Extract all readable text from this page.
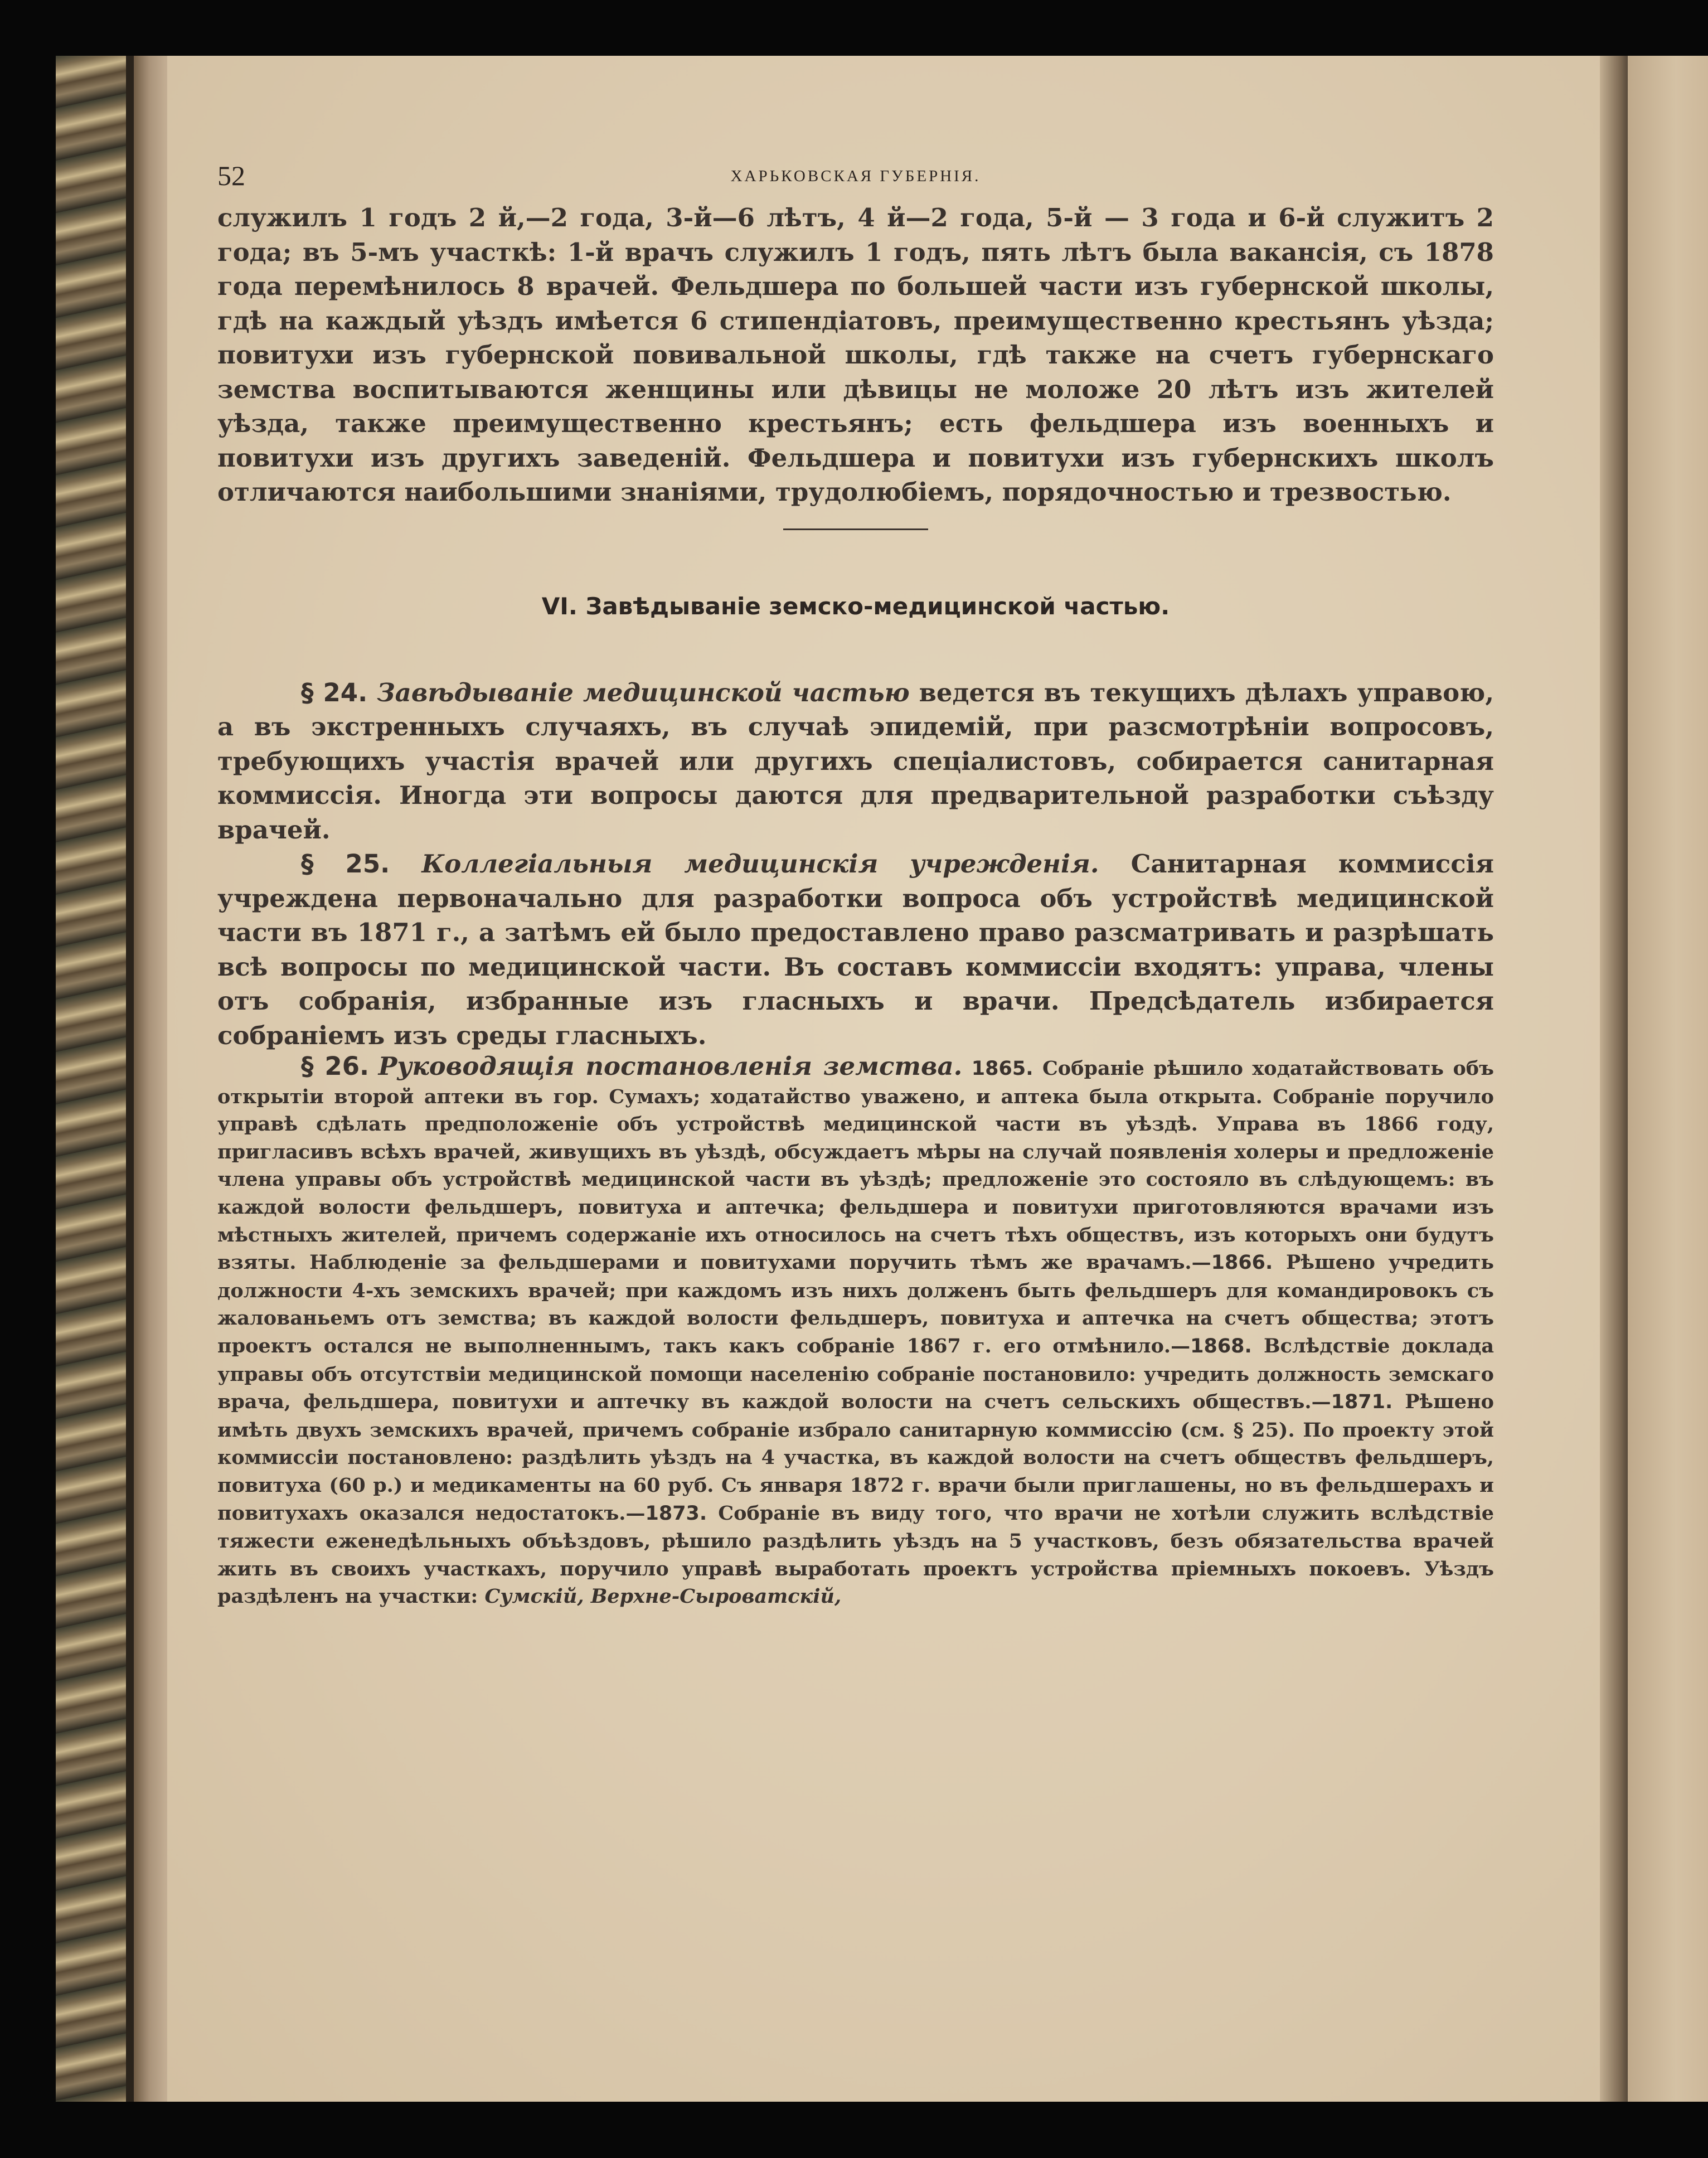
52	ХАРЬКОВСКАЯ ГУБЕРНІЯ.

служилъ 1 годъ 2 й,—2 года, 3-й—6 лѣтъ, 4 й—2 года, 5-й — 3 года и 6-й служитъ 2 года; въ 5-мъ участкѣ: 1-й врачъ служилъ 1 годъ, пять лѣтъ была вакансія, съ 1878 года перемѣнилось 8 врачей. Фельдшера по большей части изъ губернской школы, гдѣ на каждый уѣздъ имѣется 6 стипендіатовъ, преимущественно крестьянъ уѣзда; повитухи изъ губернской повивальной школы, гдѣ также на счетъ губернскаго земства воспитываются женщины или дѣвицы не моложе 20 лѣтъ изъ жителей уѣзда, также преимущественно крестьянъ; есть фельдшера изъ военныхъ и повитухи изъ другихъ заведеній. Фельдшера и повитухи изъ губернскихъ школъ отличаются наибольшими знаніями, трудолюбіемъ, порядочностью и трезвостью.

VI. Завѣдываніе земско-медицинской частью.

§ 24. Завѣдываніе медицинской частью ведется въ текущихъ дѣлахъ управою, а въ экстренныхъ случаяхъ, въ случаѣ эпидемій, при разсмотрѣніи вопросовъ, требующихъ участія врачей или другихъ спеціалистовъ, собирается санитарная коммиссія. Иногда эти вопросы даются для предварительной разработки съѣзду врачей.

§ 25. Коллегіальныя медицинскія учрежденія. Санитарная коммиссія учреждена первоначально для разработки вопроса объ устройствѣ медицинской части въ 1871 г., а затѣмъ ей было предоставлено право разсматривать и разрѣшать всѣ вопросы по медицинской части. Въ составъ коммиссіи входятъ: управа, члены отъ собранія, избранные изъ гласныхъ и врачи. Предсѣдатель избирается собраніемъ изъ среды гласныхъ.

§ 26. Руководящія постановленія земства. 1865. Собраніе рѣшило ходатайствовать объ открытіи второй аптеки въ гор. Сумахъ; ходатайство уважено, и аптека была открыта. Собраніе поручило управѣ сдѣлать предположеніе объ устройствѣ медицинской части въ уѣздѣ. Управа въ 1866 году, пригласивъ всѣхъ врачей, живущихъ въ уѣздѣ, обсуждаетъ мѣры на случай появленія холеры и предложеніе члена управы объ устройствѣ медицинской части въ уѣздѣ; предложеніе это состояло въ слѣдующемъ: въ каждой волости фельдшеръ, повитуха и аптечка; фельдшера и повитухи приготовляются врачами изъ мѣстныхъ жителей, причемъ содержаніе ихъ относилось на счетъ тѣхъ обществъ, изъ которыхъ они будутъ взяты. Наблюденіе за фельдшерами и повитухами поручить тѣмъ же врачамъ.—1866. Рѣшено учредить должности 4-хъ земскихъ врачей; при каждомъ изъ нихъ долженъ быть фельдшеръ для командировокъ съ жалованьемъ отъ земства; въ каждой волости фельдшеръ, повитуха и аптечка на счетъ общества; этотъ проектъ остался не выполненнымъ, такъ какъ собраніе 1867 г. его отмѣнило.—1868. Вслѣдствіе доклада управы объ отсутствіи медицинской помощи населенію собраніе постановило: учредить должность земскаго врача, фельдшера, повитухи и аптечку въ каждой волости на счетъ сельскихъ обществъ.—1871. Рѣшено имѣть двухъ земскихъ врачей, причемъ собраніе избрало санитарную коммиссію (см. § 25). По проекту этой коммиссіи постановлено: раздѣлить уѣздъ на 4 участка, въ каждой волости на счетъ обществъ фельдшеръ, повитуха (60 р.) и медикаменты на 60 руб. Съ января 1872 г. врачи были приглашены, но въ фельдшерахъ и повитухахъ оказался недостатокъ.—1873. Собраніе въ виду того, что врачи не хотѣли служить вслѣдствіе тяжести еженедѣльныхъ объѣздовъ, рѣшило раздѣлить уѣздъ на 5 участковъ, безъ обязательства врачей жить въ своихъ участкахъ, поручило управѣ выработать проектъ устройства пріемныхъ покоевъ. Уѣздъ раздѣленъ на участки: Сумскій, Верхне-Сыроватскій,
